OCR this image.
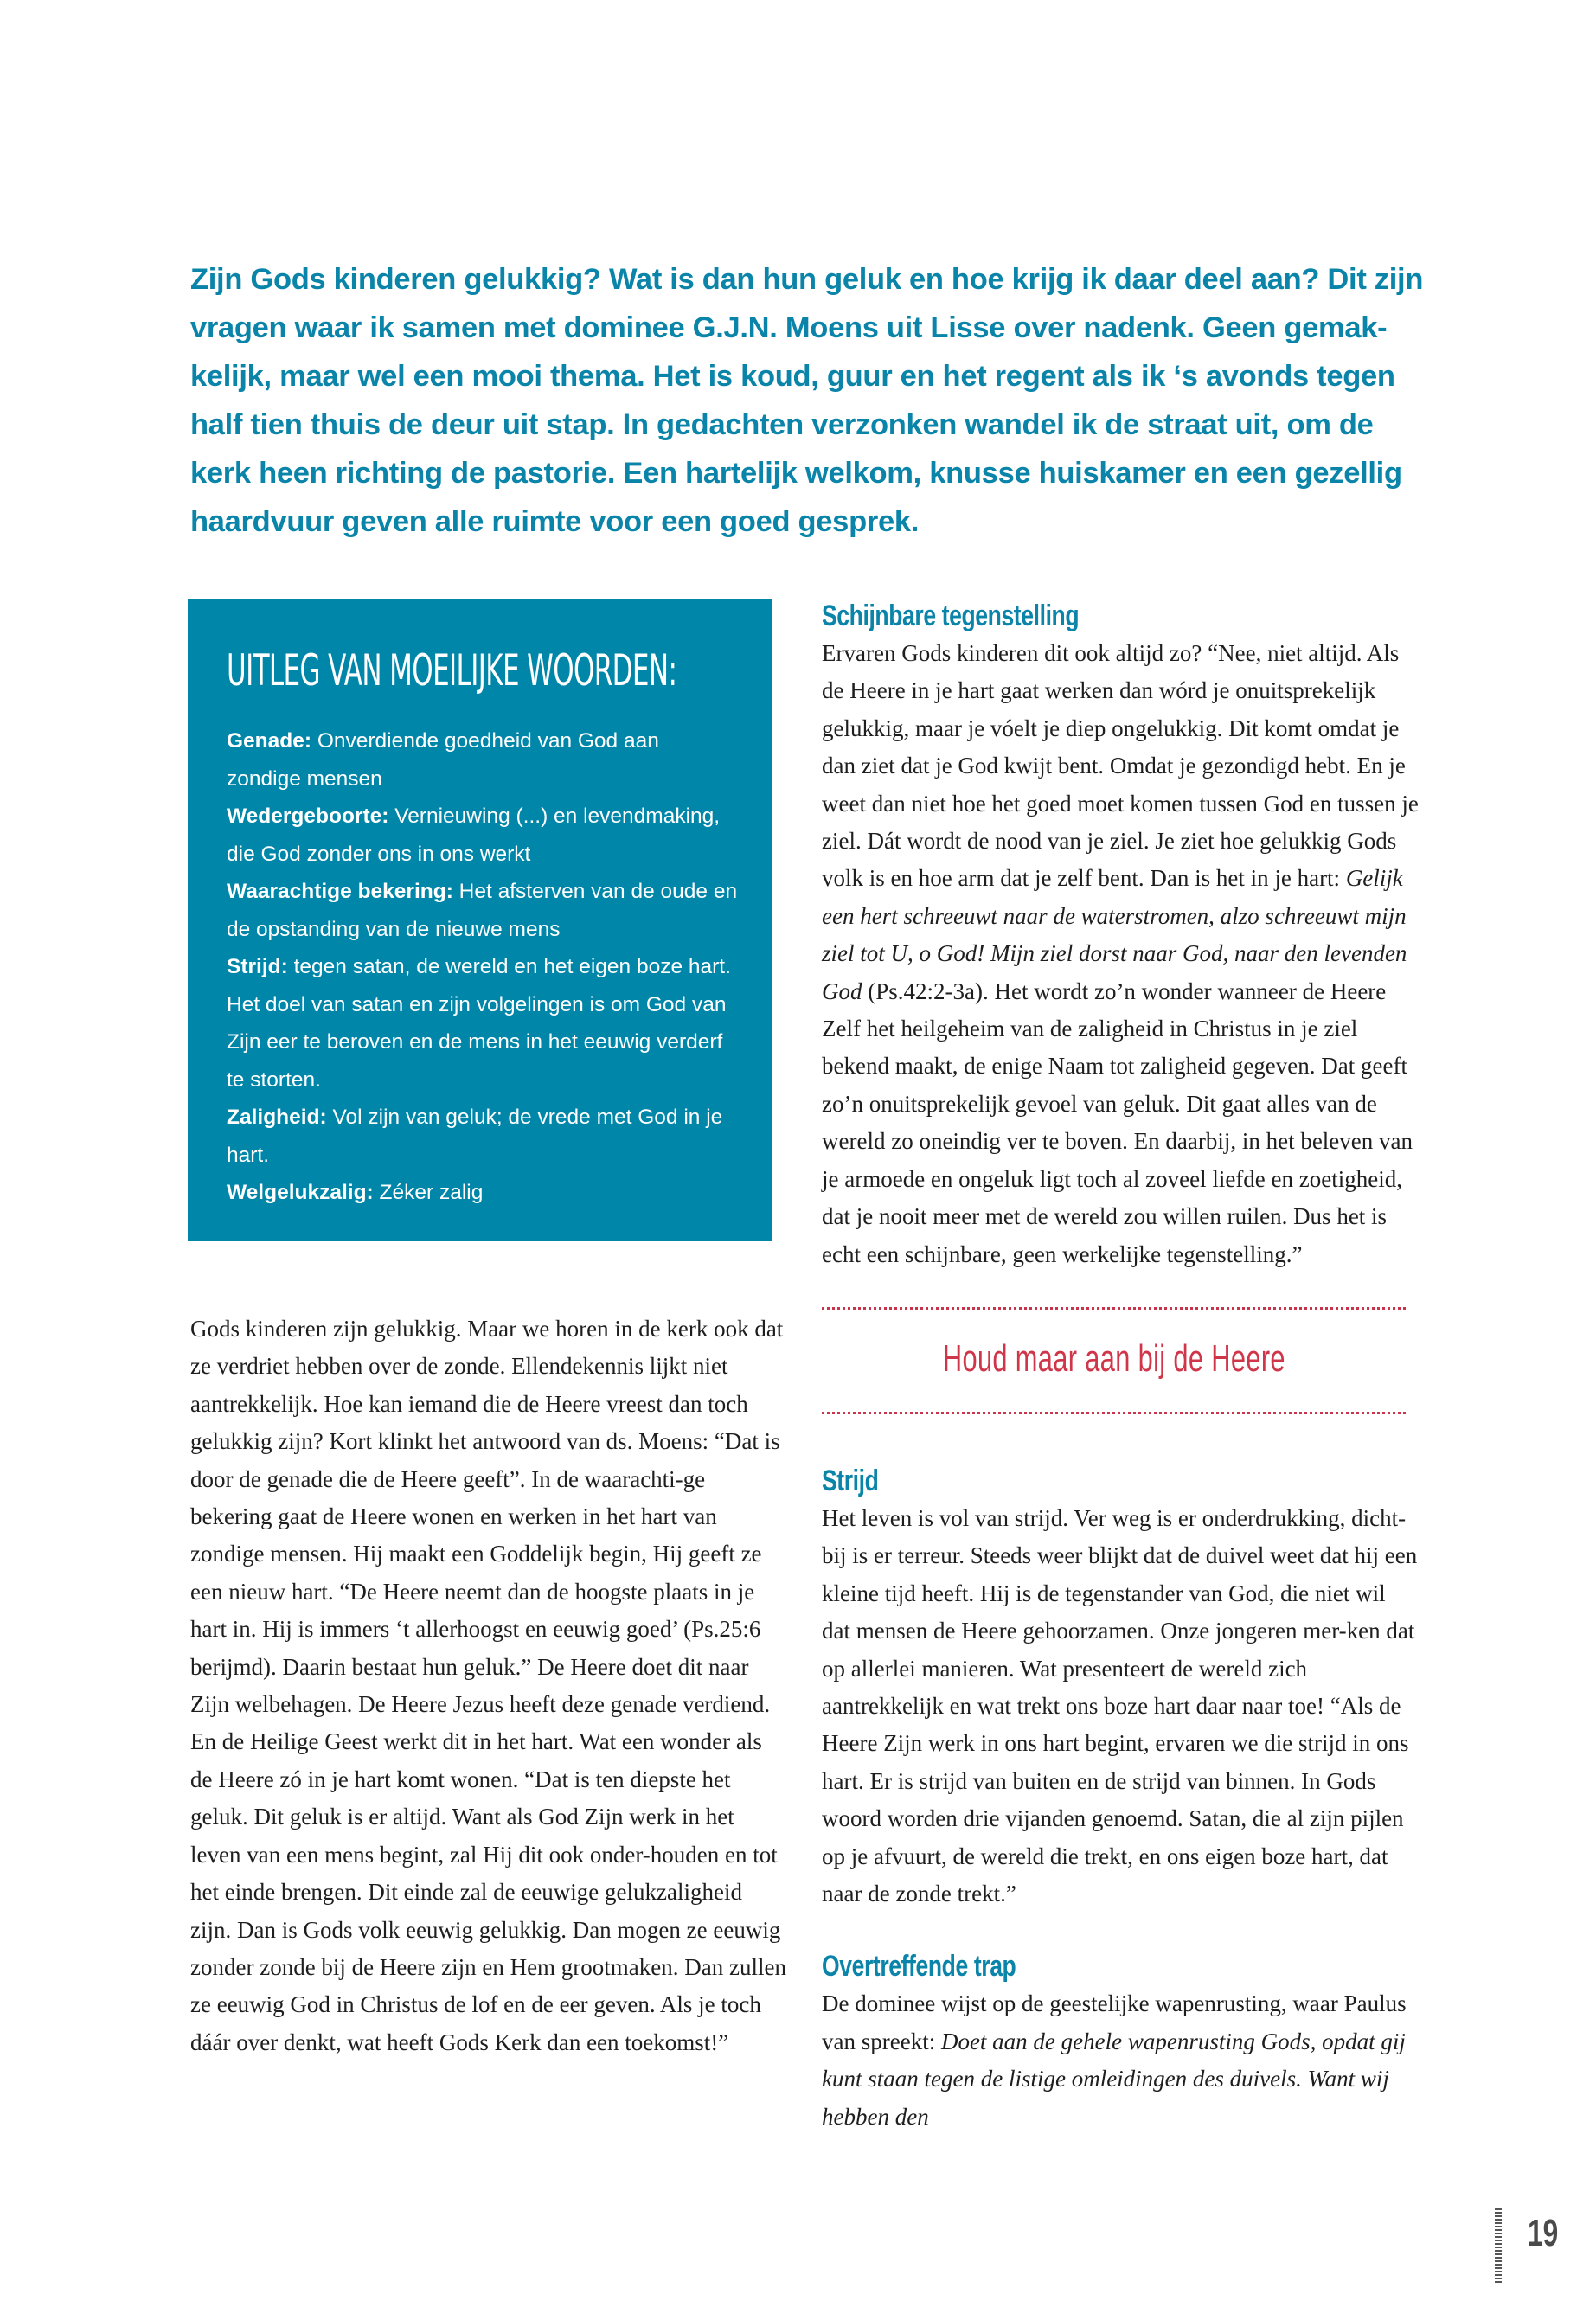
Zijn Gods kinderen gelukkig? Wat is dan hun geluk en hoe krijg ik daar deel aan? Dit zijn vragen waar ik samen met dominee G.J.N. Moens uit Lisse over nadenk. Geen gemak-kelijk, maar wel een mooi thema. Het is koud, guur en het regent als ik ‘s avonds tegen half tien thuis de deur uit stap. In gedachten verzonken wandel ik de straat uit, om de kerk heen richting de pastorie. Een hartelijk welkom, knusse huiskamer en een gezellig haardvuur geven alle ruimte voor een goed gesprek.

UITLEG VAN MOEILIJKE WOORDEN:
Genade: Onverdiende goedheid van God aan zondige mensen
Wedergeboorte: Vernieuwing (...) en levendmaking, die God zonder ons in ons werkt
Waarachtige bekering: Het afsterven van de oude en de opstanding van de nieuwe mens
Strijd: tegen satan, de wereld en het eigen boze hart. Het doel van satan en zijn volgelingen is om God van Zijn eer te beroven en de mens in het eeuwig verderf te storten.
Zaligheid: Vol zijn van geluk; de vrede met God in je hart.
Welgelukzalig: Zéker zalig

Gods kinderen zijn gelukkig. Maar we horen in de kerk ook dat ze verdriet hebben over de zonde. Ellendekennis lijkt niet aantrekkelijk. Hoe kan iemand die de Heere vreest dan toch gelukkig zijn? Kort klinkt het antwoord van ds. Moens: “Dat is door de genade die de Heere geeft”. In de waarachti-ge bekering gaat de Heere wonen en werken in het hart van zondige mensen. Hij maakt een Goddelijk begin, Hij geeft ze een nieuw hart. “De Heere neemt dan de hoogste plaats in je hart in. Hij is immers ‘t allerhoogst en eeuwig goed’ (Ps.25:6 berijmd). Daarin bestaat hun geluk.” De Heere doet dit naar Zijn welbehagen. De Heere Jezus heeft deze genade verdiend. En de Heilige Geest werkt dit in het hart. Wat een wonder als de Heere zó in je hart komt wonen. “Dat is ten diepste het geluk. Dit geluk is er altijd. Want als God Zijn werk in het leven van een mens begint, zal Hij dit ook onder-houden en tot het einde brengen. Dit einde zal de eeuwige gelukzaligheid zijn. Dan is Gods volk eeuwig gelukkig. Dan mogen ze eeuwig zonder zonde bij de Heere zijn en Hem grootmaken. Dan zullen ze eeuwig God in Christus de lof en de eer geven. Als je toch dáár over denkt, wat heeft Gods Kerk dan een toekomst!”

Schijnbare tegenstelling

Ervaren Gods kinderen dit ook altijd zo? “Nee, niet altijd. Als de Heere in je hart gaat werken dan wórd je onuitsprekelijk gelukkig, maar je vóelt je diep ongelukkig. Dit komt omdat je dan ziet dat je God kwijt bent. Omdat je gezondigd hebt. En je weet dan niet hoe het goed moet komen tussen God en tussen je ziel. Dát wordt de nood van je ziel. Je ziet hoe gelukkig Gods volk is en hoe arm dat je zelf bent. Dan is het in je hart: Gelijk een hert schreeuwt naar de waterstromen, alzo schreeuwt mijn ziel tot U, o God! Mijn ziel dorst naar God, naar den levenden God (Ps.42:2-3a). Het wordt zo’n wonder wanneer de Heere Zelf het heilgeheim van de zaligheid in Christus in je ziel bekend maakt, de enige Naam tot zaligheid gegeven. Dat geeft zo’n onuitsprekelijk gevoel van geluk. Dit gaat alles van de wereld zo oneindig ver te boven. En daarbij, in het beleven van je armoede en ongeluk ligt toch al zoveel liefde en zoetigheid, dat je nooit meer met de wereld zou willen ruilen. Dus het is echt een schijnbare, geen werkelijke tegenstelling.”

Houd maar aan bij de Heere

Strijd

Het leven is vol van strijd. Ver weg is er onderdrukking, dicht-bij is er terreur. Steeds weer blijkt dat de duivel weet dat hij een kleine tijd heeft. Hij is de tegenstander van God, die niet wil dat mensen de Heere gehoorzamen. Onze jongeren mer-ken dat op allerlei manieren. Wat presenteert de wereld zich aantrekkelijk en wat trekt ons boze hart daar naar toe! “Als de Heere Zijn werk in ons hart begint, ervaren we die strijd in ons hart. Er is strijd van buiten en de strijd van binnen. In Gods woord worden drie vijanden genoemd. Satan, die al zijn pijlen op je afvuurt, de wereld die trekt, en ons eigen boze hart, dat naar de zonde trekt.”

Overtreffende trap

De dominee wijst op de geestelijke wapenrusting, waar Paulus van spreekt: Doet aan de gehele wapenrusting Gods, opdat gij kunt staan tegen de listige omleidingen des duivels. Want wij hebben den

19
